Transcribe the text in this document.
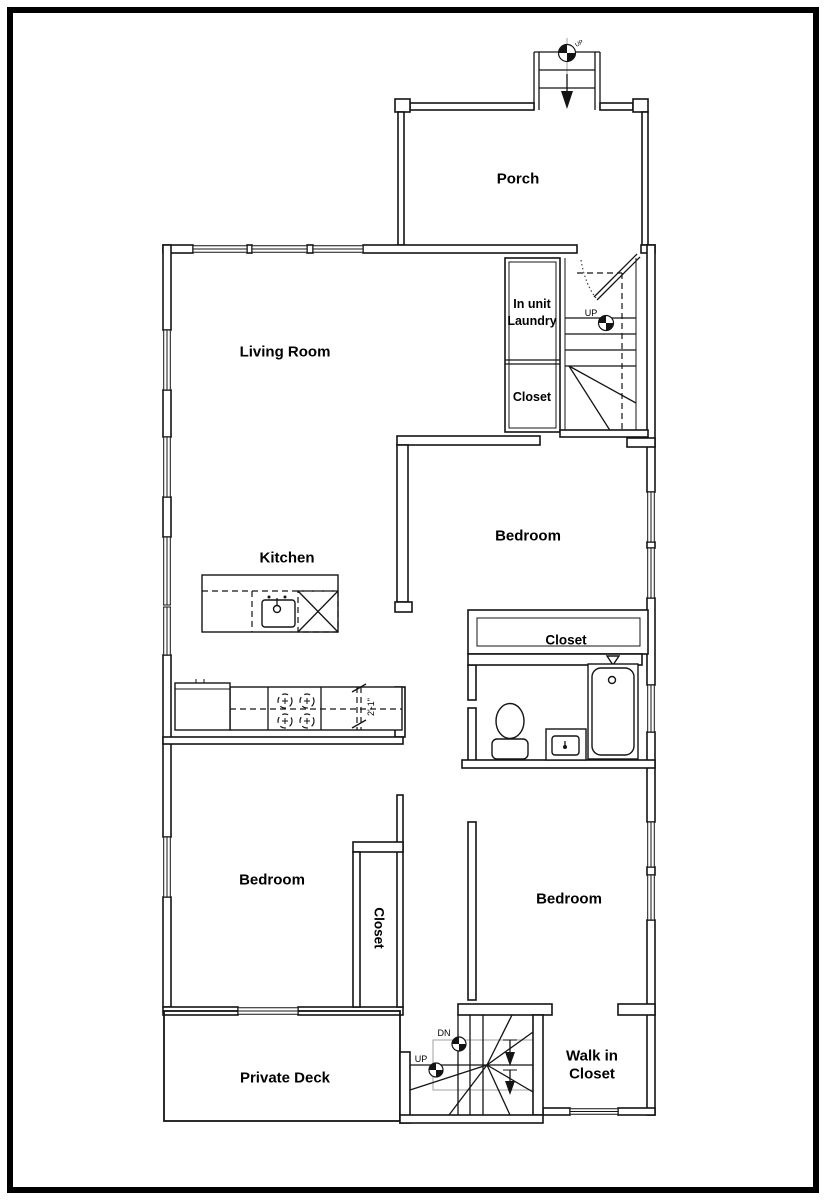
UP
Porch
In unit
Laundry
Closet
UP
Closet
2'-1"
Closet
DN
UP
Living Room
Kitchen
Bedroom
Bedroom
Bedroom
Private Deck
Walk in
Closet
